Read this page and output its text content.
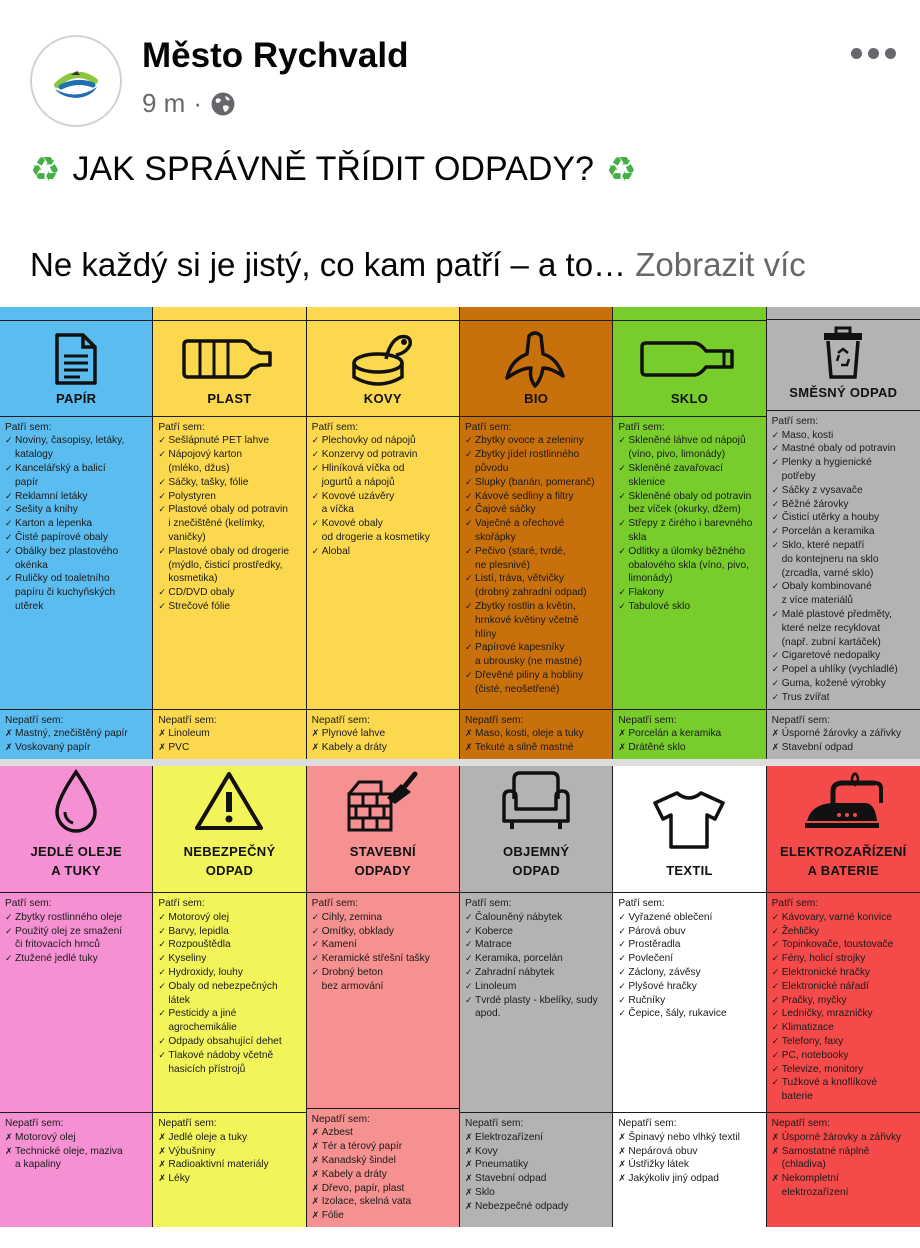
Město Rychvald
9 m ·
♻ JAK SPRÁVNĚ TŘÍDIT ODPADY? ♻
Ne každý si je jistý, co kam patří – a to… Zobrazit víc
PAPÍR
Patří sem:
✓ Noviny, časopisy, letáky,
katalogy
✓ Kancelářský a balicí
papír
✓ Reklamní letáky
✓ Sešity a knihy
✓ Karton a lepenka
✓ Čisté papírové obaly
✓ Obálky bez plastového
okénka
✓ Ruličky od toaletního
papíru či kuchyňských
utěrek
Nepatří sem:
✗ Mastný, znečištěný papír
✗ Voskovaný papír
PLAST
Patří sem:
✓ Sešlápnuté PET lahve
✓ Nápojový karton
(mléko, džus)
✓ Sáčky, tašky, fólie
✓ Polystyren
✓ Plastové obaly od potravin
i znečištěné (kelímky,
vaničky)
✓ Plastové obaly od drogerie
(mýdlo, čisticí prostředky,
kosmetika)
✓ CD/DVD obaly
✓ Strečové fólie
Nepatří sem:
✗ Linoleum
✗ PVC
KOVY
Patří sem:
✓ Plechovky od nápojů
✓ Konzervy od potravin
✓ Hliníková víčka od
jogurtů a nápojů
✓ Kovové uzávěry
a víčka
✓ Kovové obaly
od drogerie a kosmetiky
✓ Alobal
Nepatří sem:
✗ Plynové lahve
✗ Kabely a dráty
BIO
Patří sem:
✓ Zbytky ovoce a zeleniny
✓ Zbytky jídel rostlinného
původu
✓ Slupky (banán, pomeranč)
✓ Kávové sedliny a filtry
✓ Čajové sáčky
✓ Vaječné a ořechové
skořápky
✓ Pečivo (staré, tvrdé,
ne plesnivé)
✓ Listí, tráva, větvičky
(drobný zahradní odpad)
✓ Zbytky rostlin a květin,
hrnkové květiny včetně
hlíny
✓ Papírové kapesníky
a ubrousky (ne mastné)
✓ Dřevěné piliny a hobliny
(čisté, neošetřené)
Nepatří sem:
✗ Maso, kosti, oleje a tuky
✗ Tekuté a silně mastné
SKLO
Patří sem:
✓ Skleněné láhve od nápojů
(víno, pivo, limonády)
✓ Skleněné zavařovací
sklenice
✓ Skleněné obaly od potravin
bez víček (okurky, džem)
✓ Střepy z čirého i barevného
skla
✓ Odlitky a úlomky běžného
obalového skla (víno, pivo,
limonády)
✓ Flakony
✓ Tabulové sklo
Nepatří sem:
✗ Porcelán a keramika
✗ Drátěné sklo
SMĚSNÝ ODPAD
Patří sem:
✓ Maso, kosti
✓ Mastné obaly od potravin
✓ Plenky a hygienické
potřeby
✓ Sáčky z vysavače
✓ Běžné žárovky
✓ Čisticí utěrky a houby
✓ Porcelán a keramika
✓ Sklo, které nepatří
do kontejneru na sklo
(zrcadla, varné sklo)
✓ Obaly kombinované
z více materiálů
✓ Malé plastové předměty,
které nelze recyklovat
(např. zubní kartáček)
✓ Cigaretové nedopalky
✓ Popel a uhlíky (vychladlé)
✓ Guma, kožené výrobky
✓ Trus zvířat
Nepatří sem:
✗ Úsporné žárovky a zářivky
✗ Stavební odpad
JEDLÉ OLEJE
A TUKY
Patří sem:
✓ Zbytky rostlinného oleje
✓ Použitý olej ze smažení
či fritovacích hrnců
✓ Ztužené jedlé tuky
Nepatří sem:
✗ Motorový olej
✗ Technické oleje, maziva
a kapaliny
NEBEZPEČNÝ
ODPAD
Patří sem:
✓ Motorový olej
✓ Barvy, lepidla
✓ Rozpouštědla
✓ Kyseliny
✓ Hydroxidy, louhy
✓ Obaly od nebezpečných
látek
✓ Pesticidy a jiné
agrochemikálie
✓ Odpady obsahující dehet
✓ Tlakové nádoby včetně
hasicích přístrojů
Nepatří sem:
✗ Jedlé oleje a tuky
✗ Výbušniny
✗ Radioaktivní materiály
✗ Léky
STAVEBNÍ
ODPADY
Patří sem:
✓ Cihly, zemina
✓ Omítky, obklady
✓ Kamení
✓ Keramické střešní tašky
✓ Drobný beton
bez armování
Nepatří sem:
✗ Azbest
✗ Tér a térový papír
✗ Kanadský šindel
✗ Kabely a dráty
✗ Dřevo, papír, plast
✗ Izolace, skelná vata
✗ Fólie
OBJEMNÝ
ODPAD
Patří sem:
✓ Čalouněný nábytek
✓ Koberce
✓ Matrace
✓ Keramika, porcelán
✓ Zahradní nábytek
✓ Linoleum
✓ Tvrdé plasty - kbelíky, sudy
apod.
Nepatří sem:
✗ Elektrozařízení
✗ Kovy
✗ Pneumatiky
✗ Stavební odpad
✗ Sklo
✗ Nebezpečné odpady
TEXTIL
Patří sem:
✓ Vyřazené oblečení
✓ Párová obuv
✓ Prostěradla
✓ Povlečení
✓ Záclony, závěsy
✓ Plyšové hračky
✓ Ručníky
✓ Čepice, šály, rukavice
Nepatří sem:
✗ Špinavý nebo vlhký textil
✗ Nepárová obuv
✗ Ústřižky látek
✗ Jakýkoliv jiný odpad
ELEKTROZAŘÍZENÍ
A BATERIE
Patří sem:
✓ Kávovary, varné konvice
✓ Žehličky
✓ Topinkovače, toustovače
✓ Fény, holicí strojky
✓ Elektronické hračky
✓ Elektronické nářadí
✓ Pračky, myčky
✓ Ledničky, mrazničky
✓ Klimatizace
✓ Telefony, faxy
✓ PC, notebooky
✓ Televize, monitory
✓ Tužkové a knoflíkové
baterie
Nepatří sem:
✗ Úsporné žárovky a zářivky
✗ Samostatné náplně
(chladiva)
✗ Nekompletní
elektrozařízení
